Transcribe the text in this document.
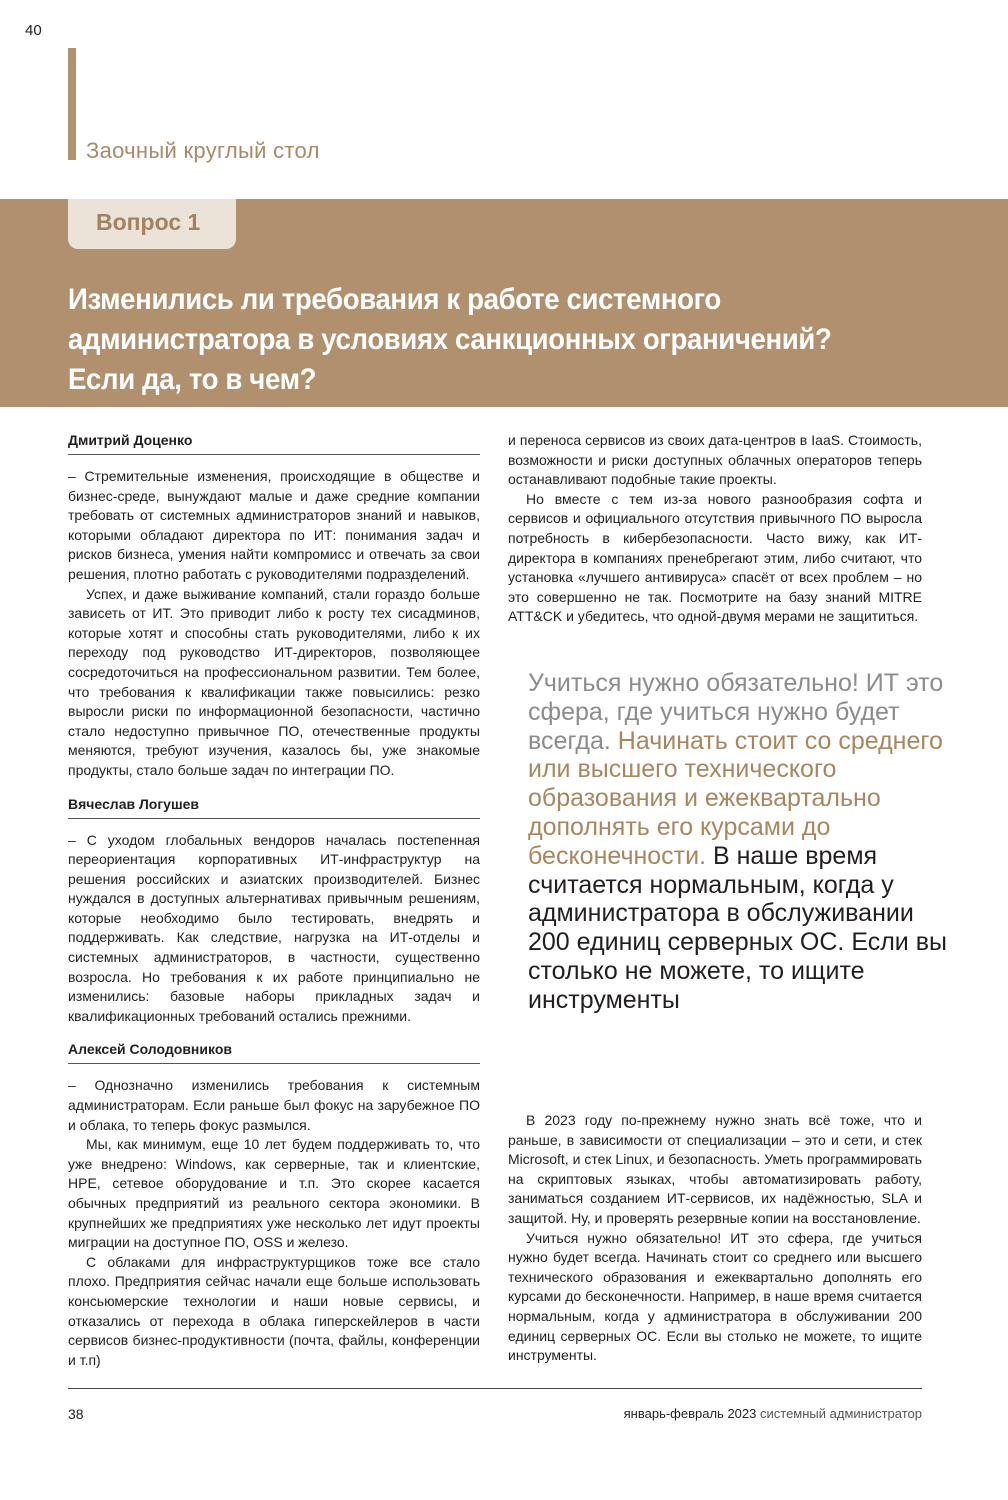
40
Заочный круглый стол
Вопрос 1
Изменились ли требования к работе системного администратора в условиях санкционных ограничений? Если да, то в чем?
Дмитрий Доценко

– Стремительные изменения, происходящие в обществе и бизнес-среде, вынуждают малые и даже средние компании требовать от системных администраторов знаний и навыков, которыми обладают директора по ИТ: понимания задач и рисков бизнеса, умения найти компромисс и отвечать за свои решения, плотно работать с руководителями подразделений.

Успех, и даже выживание компаний, стали гораздо больше зависеть от ИТ. Это приводит либо к росту тех сисадминов, которые хотят и способны стать руководителями, либо к их переходу под руководство ИТ-директоров, позволяющее сосредоточиться на профессиональном развитии. Тем более, что требования к квалификации также повысились: резко выросли риски по информационной безопасности, частично стало недоступно привычное ПО, отечественные продукты меняются, требуют изучения, казалось бы, уже знакомые продукты, стало больше задач по интеграции ПО.

Вячеслав Логушев

– С уходом глобальных вендоров началась постепенная переориентация корпоративных ИТ-инфраструктур на решения российских и азиатских производителей. Бизнес нуждался в доступных альтернативах привычным решениям, которые необходимо было тестировать, внедрять и поддерживать. Как следствие, нагрузка на ИТ-отделы и системных администраторов, в частности, существенно возросла. Но требования к их работе принципиально не изменились: базовые наборы прикладных задач и квалификационных требований остались прежними.

Алексей Солодовников

– Однозначно изменились требования к системным администраторам. Если раньше был фокус на зарубежное ПО и облака, то теперь фокус размылся.

Мы, как минимум, еще 10 лет будем поддерживать то, что уже внедрено: Windows, как серверные, так и клиентские, HPE, сетевое оборудование и т.п. Это скорее касается обычных предприятий из реального сектора экономики. В крупнейших же предприятиях уже несколько лет идут проекты миграции на доступное ПО, OSS и железо.

С облаками для инфраструктурщиков тоже все стало плохо. Предприятия сейчас начали еще больше использовать консьюмерские технологии и наши новые сервисы, и отказались от перехода в облака гиперскейлеров в части сервисов бизнес-продуктивности (почта, файлы, конференции и т.п)

и переноса сервисов из своих дата-центров в IaaS. Стоимость, возможности и риски доступных облачных операторов теперь останавливают подобные такие проекты.

Но вместе с тем из-за нового разнообразия софта и сервисов и официального отсутствия привычного ПО выросла потребность в кибербезопасности. Часто вижу, как ИТ-директора в компаниях пренебрегают этим, либо считают, что установка «лучшего антивируса» спасёт от всех проблем – но это совершенно не так. Посмотрите на базу знаний MITRE ATT&CK и убедитесь, что одной-двумя мерами не защититься.

Учиться нужно обязательно! ИТ это сфера, где учиться нужно будет всегда. Начинать стоит со среднего или высшего технического образования и ежеквартально дополнять его курсами до бесконечности. В наше время считается нормальным, когда у администратора в обслуживании 200 единиц серверных ОС. Если вы столько не можете, то ищите инструменты

В 2023 году по-прежнему нужно знать всё тоже, что и раньше, в зависимости от специализации – это и сети, и стек Microsoft, и стек Linux, и безопасность. Уметь программировать на скриптовых языках, чтобы автоматизировать работу, заниматься созданием ИТ-сервисов, их надёжностью, SLA и защитой. Ну, и проверять резервные копии на восстановление.

Учиться нужно обязательно! ИТ это сфера, где учиться нужно будет всегда. Начинать стоит со среднего или высшего технического образования и ежеквартально дополнять его курсами до бесконечности. Например, в наше время считается нормальным, когда у администратора в обслуживании 200 единиц серверных ОС. Если вы столько не можете, то ищите инструменты.

38	январь-февраль 2023 системный администратор
